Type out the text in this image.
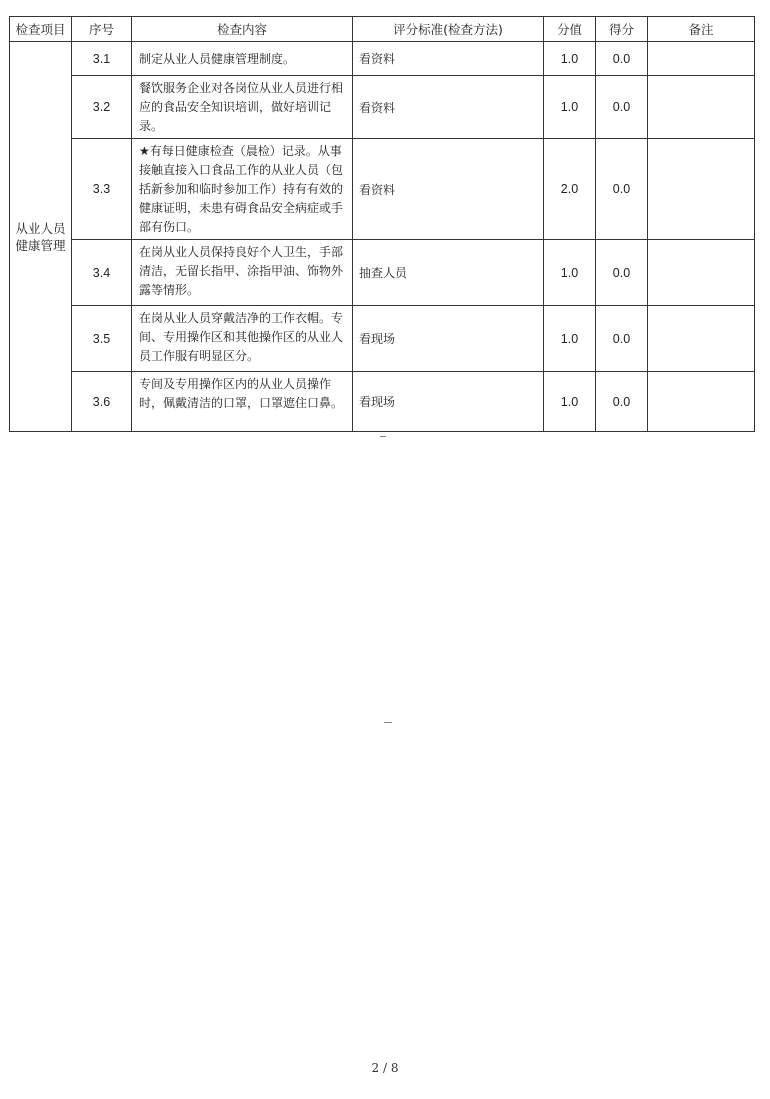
检查项目	序号	检查内容	评分标准(检查方法)	分值	得分	备注

从业人员
健康管理	3.1	制定从业人员健康管理制度。	看资料	1.0	0.0	
	3.2	餐饮服务企业对各岗位从业人员进行相应的食品安全知识培训，做好培训记录。	看资料	1.0	0.0	
	3.3	★有每日健康检查（晨检）记录。从事接触直接入口食品工作的从业人员（包括新参加和临时参加工作）持有有效的健康证明，未患有碍食品安全病症或手部有伤口。	看资料	2.0	0.0	
	3.4	在岗从业人员保持良好个人卫生，手部清洁，无留长指甲、涂指甲油、饰物外露等情形。	抽查人员	1.0	0.0	
	3.5	在岗从业人员穿戴洁净的工作衣帽。专间、专用操作区和其他操作区的从业人员工作服有明显区分。	看现场	1.0	0.0	
	3.6	专间及专用操作区内的从业人员操作时，佩戴清洁的口罩，口罩遮住口鼻。	看现场	1.0	0.0	
2 / 8
